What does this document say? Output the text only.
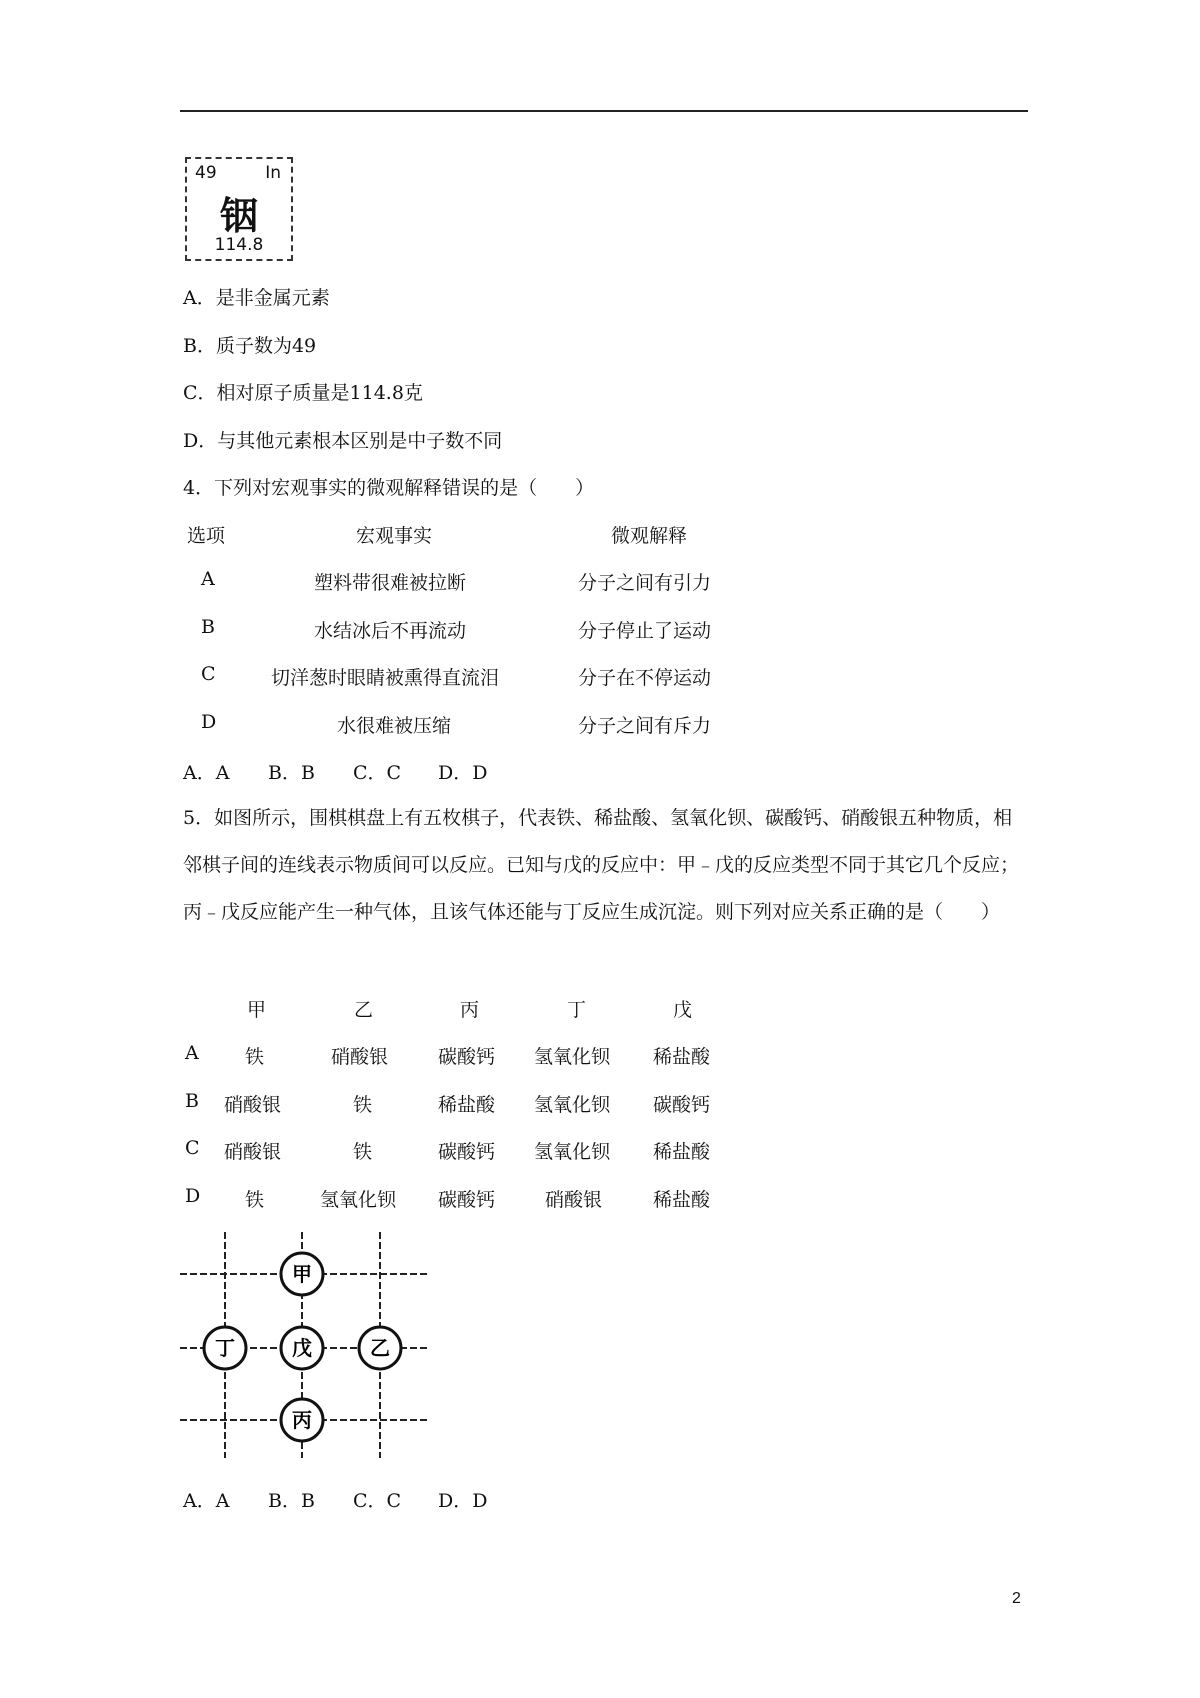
49	In
铟
114.8
A．是非金属元素
B．质子数为49
C．相对原子质量是114.8克
D．与其他元素根本区别是中子数不同
4．下列对宏观事实的微观解释错误的是（　　）
选项	宏观事实	微观解释
A	塑料带很难被拉断	分子之间有引力
B	水结冰后不再流动	分子停止了运动
C	切洋葱时眼睛被熏得直流泪	分子在不停运动
D	水很难被压缩	分子之间有斥力
A．A B．B C．C D．D
5．如图所示，围棋棋盘上有五枚棋子，代表铁、稀盐酸、氢氧化钡、碳酸钙、硝酸银五种物质，相邻棋子间的连线表示物质间可以反应。已知与戊的反应中：甲﹣戊的反应类型不同于其它几个反应；丙﹣戊反应能产生一种气体，且该气体还能与丁反应生成沉淀。则下列对应关系正确的是（　　）
甲	乙	丙	丁	戊
A 铁	硝酸银	碳酸钙 氢氧化钡 稀盐酸
B 硝酸银	铁	稀盐酸 氢氧化钡 碳酸钙
C 硝酸银	铁	碳酸钙 氢氧化钡 稀盐酸
D 铁	氢氧化钡 碳酸钙	硝酸银	稀盐酸
甲
丁	戊	乙
丙
A．A B．B C．C D．D
2
